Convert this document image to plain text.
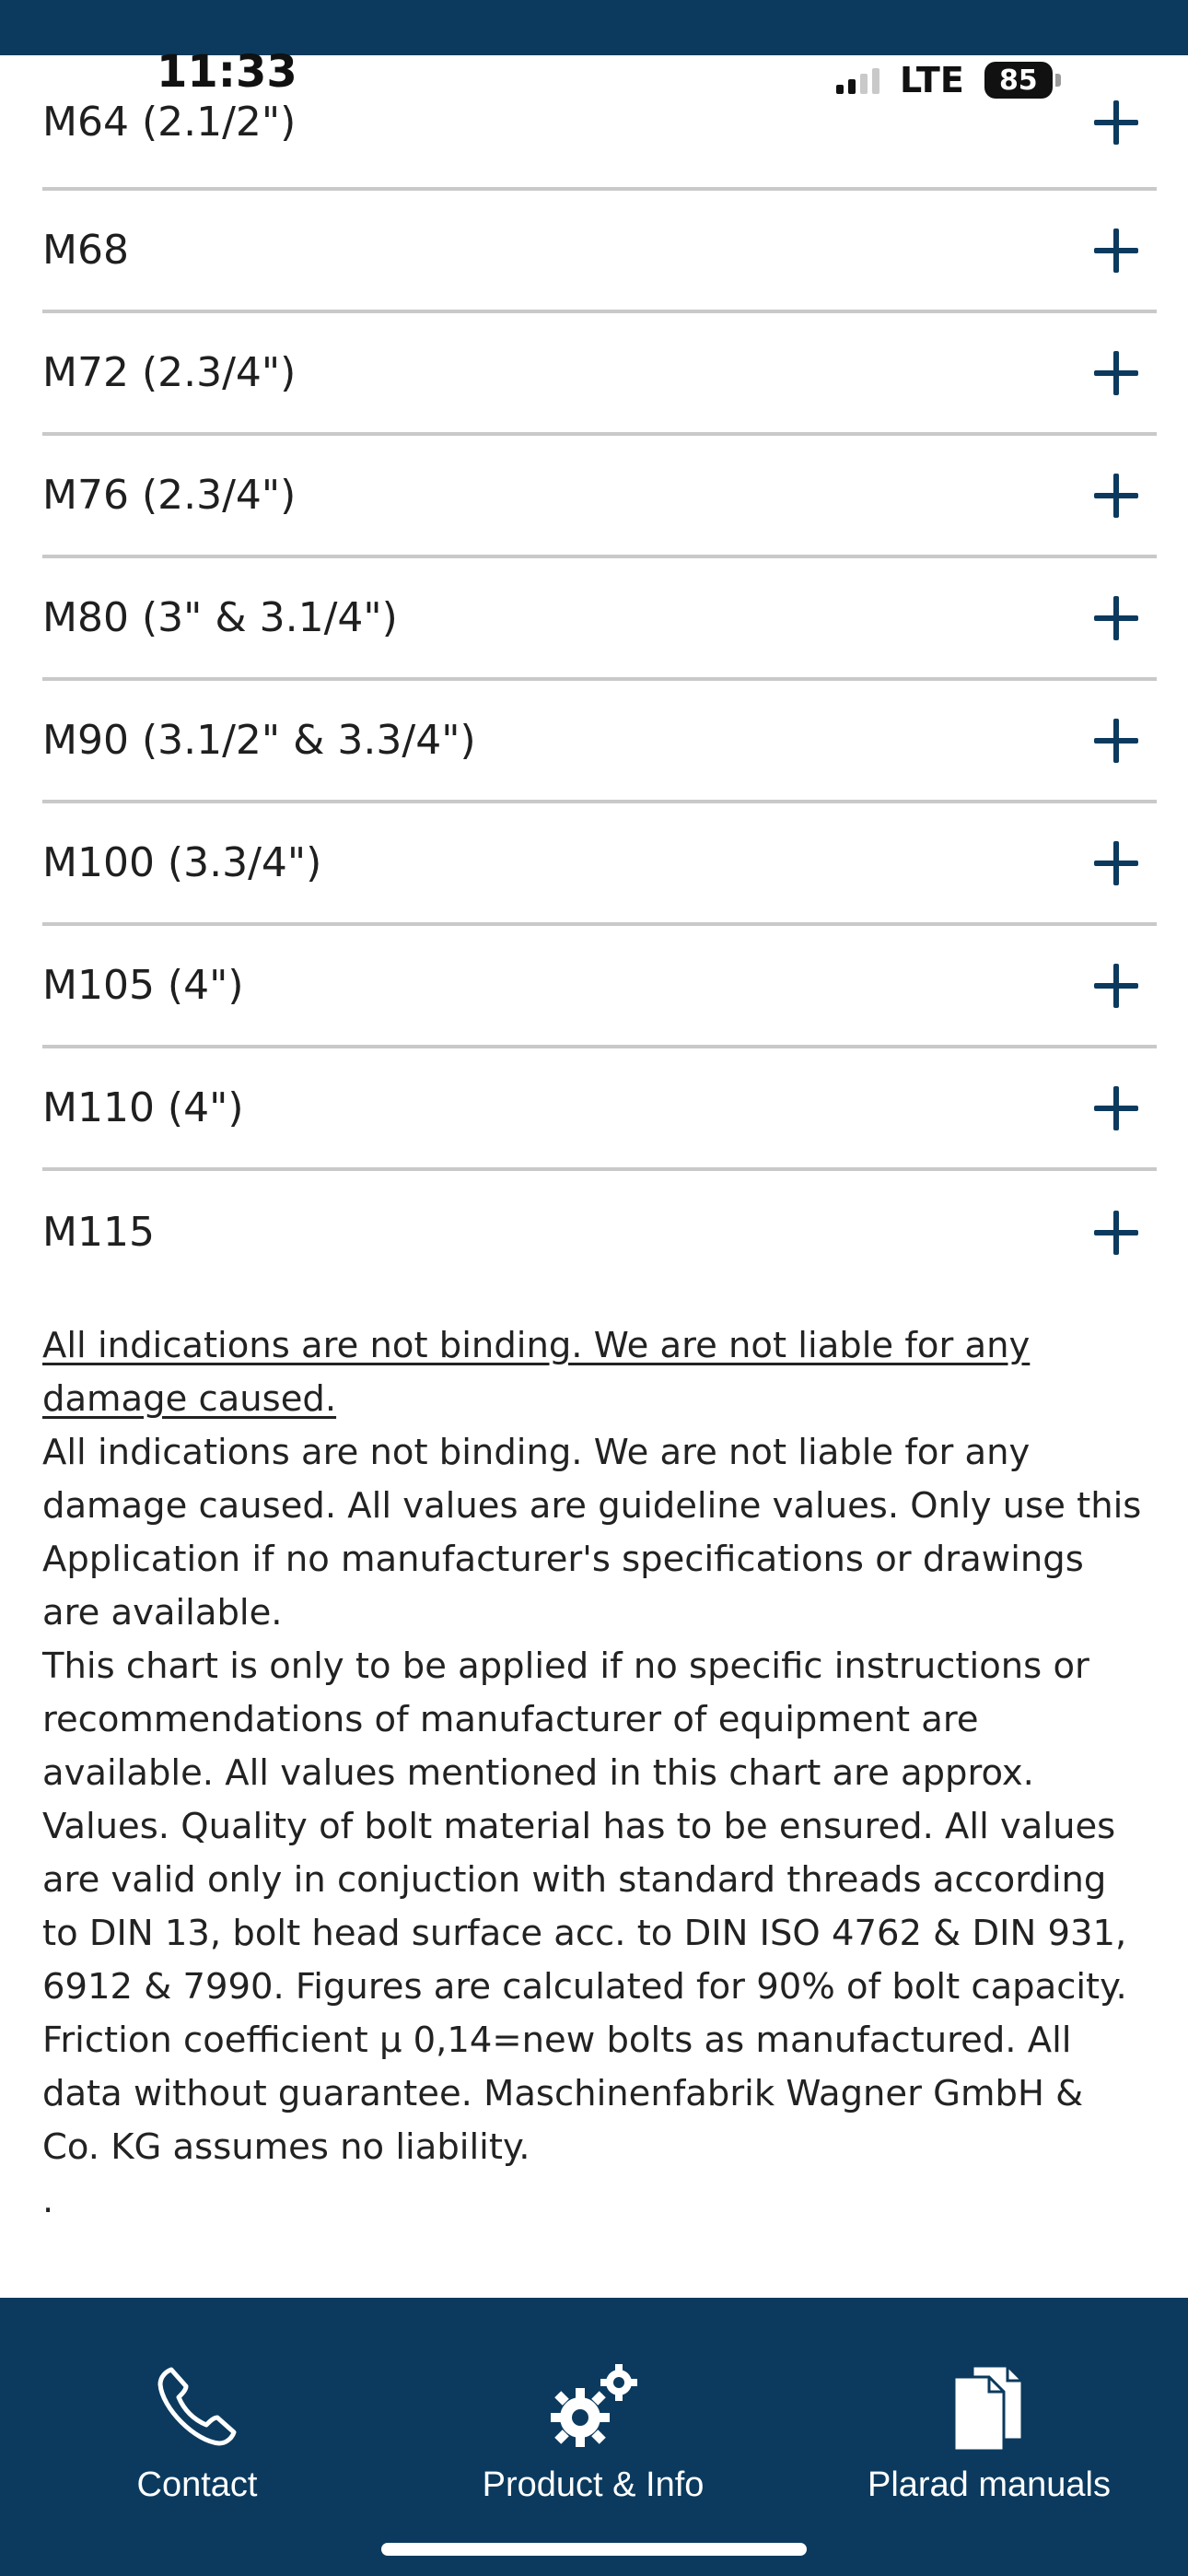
11:33	LTE	85
M64 (2.1/2")
M68
M72 (2.3/4")
M76 (2.3/4")
M80 (3" & 3.1/4")
M90 (3.1/2" & 3.3/4")
M100 (3.3/4")
M105 (4")
M110 (4")
M115

All indications are not binding. We are not liable for any damage caused.

All indications are not binding. We are not liable for any damage caused. All values are guideline values. Only use this Application if no manufacturer's specifications or drawings are available.

This chart is only to be applied if no specific instructions or recommendations of manufacturer of equipment are available. All values mentioned in this chart are approx. Values. Quality of bolt material has to be ensured. All values are valid only in conjuction with standard threads according to DIN 13, bolt head surface acc. to DIN ISO 4762 & DIN 931, 6912 & 7990. Figures are calculated for 90% of bolt capacity. Friction coefficient μ 0,14=new bolts as manufactured. All data without guarantee. Maschinenfabrik Wagner GmbH & Co. KG assumes no liability.

.

Contact	Product & Info	Plarad manuals
